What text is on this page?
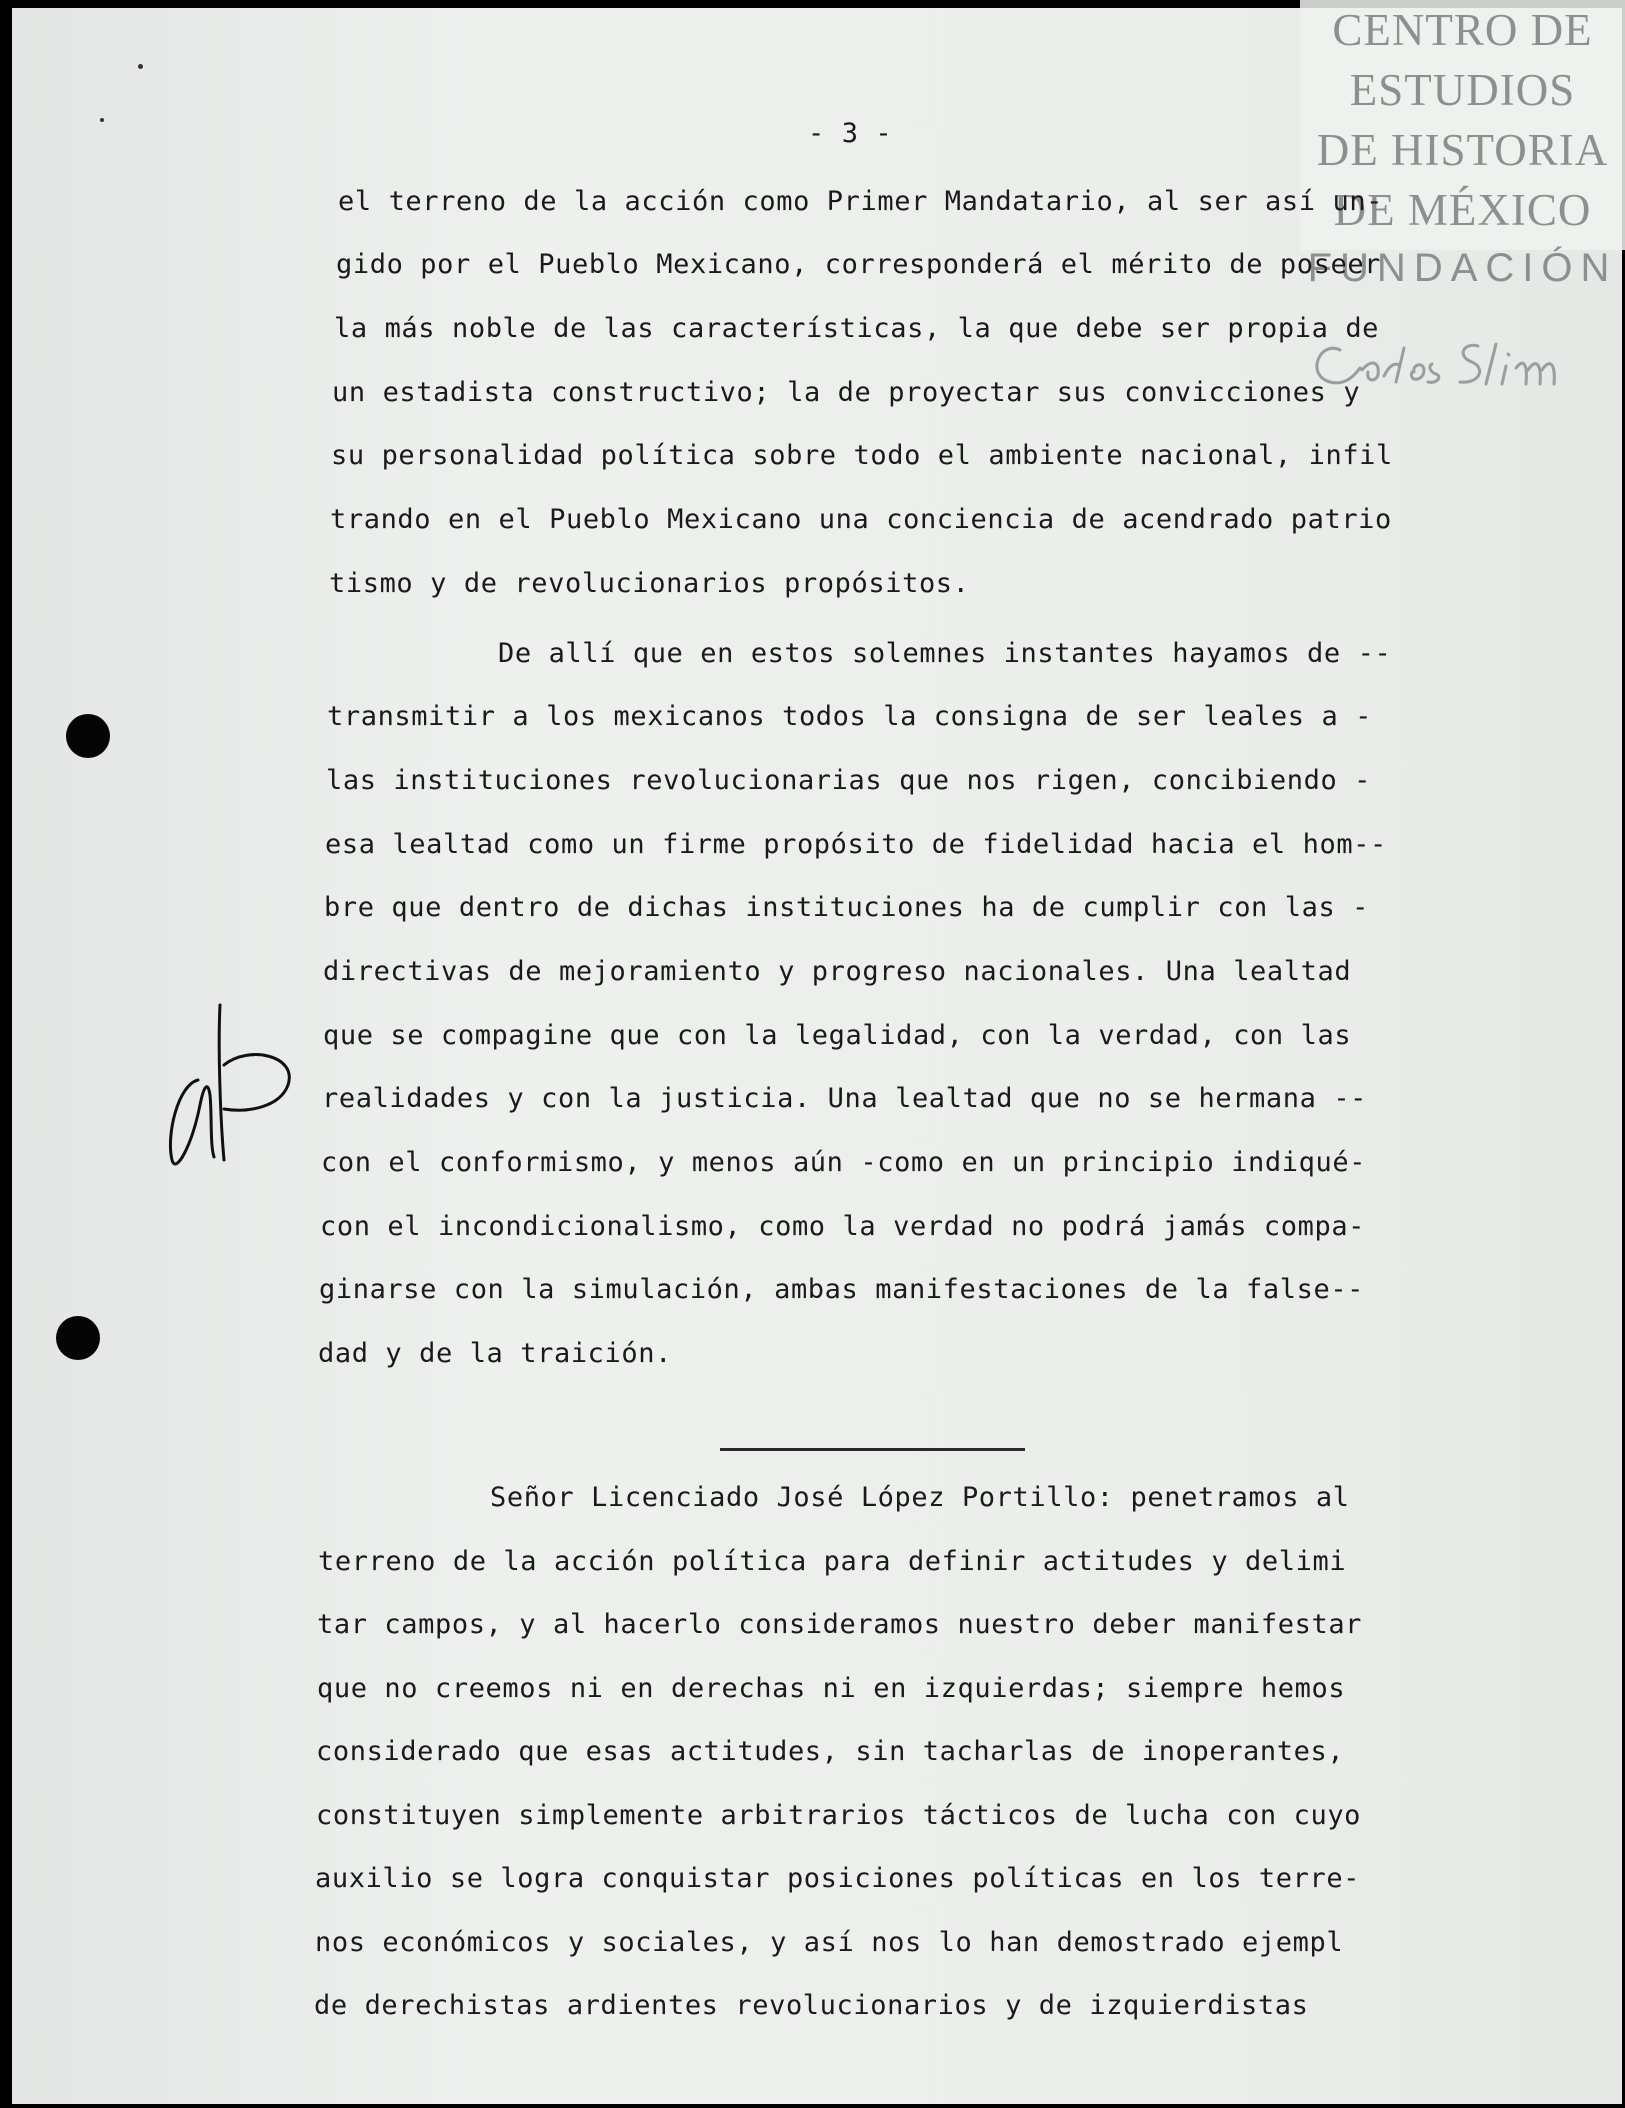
CENTRO DE
ESTUDIOS
DE HISTORIA
DE MÉXICO
FUNDACIÓN
- 3 -
el terreno de la acción como Primer Mandatario, al ser así un-
gido por el Pueblo Mexicano, corresponderá el mérito de poseer
la más noble de las características, la que debe ser propia de
un estadista constructivo; la de proyectar sus convicciones y
su personalidad política sobre todo el ambiente nacional, infil
trando en el Pueblo Mexicano una conciencia de acendrado patrio
tismo y de revolucionarios propósitos.
De allí que en estos solemnes instantes hayamos de --
transmitir a los mexicanos todos la consigna de ser leales a -
las instituciones revolucionarias que nos rigen, concibiendo -
esa lealtad como un firme propósito de fidelidad hacia el hom--
bre que dentro de dichas instituciones ha de cumplir con las -
directivas de mejoramiento y progreso nacionales. Una lealtad
que se compagine que con la legalidad, con la verdad, con las
realidades y con la justicia. Una lealtad que no se hermana --
con el conformismo, y menos aún -como en un principio indiqué-
con el incondicionalismo, como la verdad no podrá jamás compa-
ginarse con la simulación, ambas manifestaciones de la false--
dad y de la traición.
Señor Licenciado José López Portillo: penetramos al
terreno de la acción política para definir actitudes y delimi
tar campos, y al hacerlo consideramos nuestro deber manifestar
que no creemos ni en derechas ni en izquierdas; siempre hemos
considerado que esas actitudes, sin tacharlas de inoperantes,
constituyen simplemente arbitrarios tácticos de lucha con cuyo
auxilio se logra conquistar posiciones políticas en los terre-
nos económicos y sociales, y así nos lo han demostrado ejempl
de derechistas ardientes revolucionarios y de izquierdistas
